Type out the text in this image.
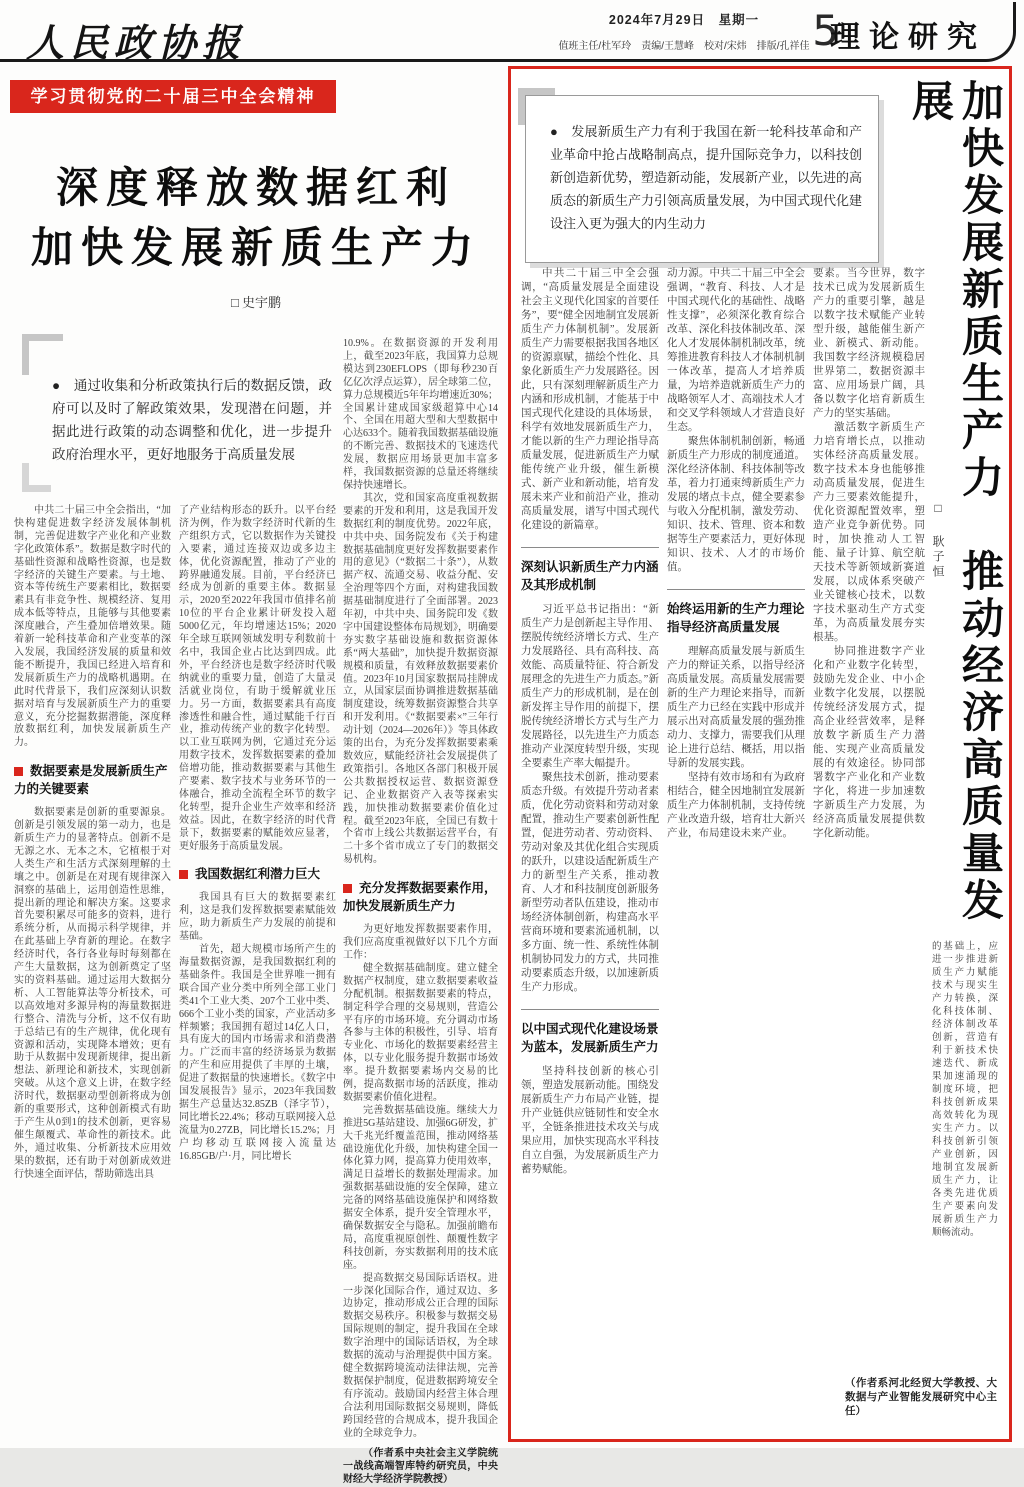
人民政协报	2024年7月29日　星期一
值班主任/杜军玲　责编/王慧峰　校对/宋炜　排版/孔祥佳 5
理论研究
学习贯彻党的二十届三中全会精神
深度释放数据红利
加快发展新质生产力
□ 史宇鹏

●　通过收集和分析政策执行后的数据反馈，政府可以及时了解政策效果，发现潜在问题，并据此进行政策的动态调整和优化，进一步提升政府治理水平，更好地服务于高质量发展

中共二十届三中全会指出，“加快构建促进数字经济发展体制机制，完善促进数字产业化和产业数字化政策体系”。数据是数字时代的基础性资源和战略性资源，也是数字经济的关键生产要素。与土地、资本等传统生产要素相比，数据要素具有非竞争性、规模经济、复用成本低等特点，且能够与其他要素深度融合，产生叠加倍增效果。随着新一轮科技革命和产业变革的深入发展，我国经济发展的质量和效能不断提升，我国已经进入培育和发展新质生产力的战略机遇期。在此时代背景下，我们应深刻认识数据对培育与发展新质生产力的重要意义，充分挖掘数据潜能，深度释放数据红利，加快发展新质生产力。
数据要素是发展新质生产力的关键要素
数据要素是创新的重要源泉。创新是引领发展的第一动力，也是新质生产力的显著特点。创新不是无源之水、无本之木，它植根于对人类生产和生活方式深刻理解的土壤之中。创新是在对现有规律深入洞察的基础上，运用创造性思维，提出新的理论和解决方案。这要求首先要积累尽可能多的资料，进行系统分析，从而揭示科学规律，并在此基础上孕育新的理论。在数字经济时代，各行各业每时每刻都在产生大量数据，这为创新奠定了坚实的资料基础。通过运用大数据分析、人工智能算法等分析技术，可以高效地对多源异构的海量数据进行整合、清洗与分析，这不仅有助于总结已有的生产规律，优化现有资源和活动，实现降本增效；更有助于从数据中发现新规律，提出新想法、新理论和新技术，实现创新突破。从这个意义上讲，在数字经济时代，数据驱动型创新将成为创新的重要形式，这种创新模式有助于产生从0到1的技术创新，更容易催生颠覆式、革命性的新技术。此外，通过收集、分析新技术应用效果的数据，还有助于对创新成效进行快速全面评估，帮助筛选出具
了产业结构形态的跃升。以平台经济为例，作为数字经济时代新的生产组织方式，它以数据作为关键投入要素，通过连接双边或多边主体，优化资源配置，推动了产业的跨界融通发展。目前，平台经济已经成为创新的重要主体。数据显示，2020至2022年我国市值排名前10位的平台企业累计研发投入超5000亿元，年均增速达15%；2020年全球互联网领域发明专利数前十名中，我国企业占比达到四成。此外，平台经济也是数字经济时代吸纳就业的重要力量，创造了大量灵活就业岗位，有助于缓解就业压力。另一方面，数据要素具有高度渗透性和融合性，通过赋能千行百业，推动传统产业的数字化转型。以工业互联网为例，它通过充分运用数字技术，发挥数据要素的叠加倍增功能，推动数据要素与其他生产要素、数字技术与业务环节的一体融合，推动全流程全环节的数字化转型，提升企业生产效率和经济效益。因此，在数字经济的时代背景下，数据要素的赋能效应显著，更好服务于高质量发展。
我国数据红利潜力巨大
我国具有巨大的数据要素红利，这是我们发挥数据要素赋能效应，助力新质生产力发展的前提和基础。
首先，超大规模市场所产生的海量数据资源，是我国数据红利的基础条件。我国是全世界唯一拥有联合国产业分类中所列全部工业门类41个工业大类、207个工业中类、666个工业小类的国家，产业活动多样频繁；我国拥有超过14亿人口，具有庞大的国内市场需求和消费潜力。广泛而丰富的经济场景为数据的产生和应用提供了丰厚的土壤，促进了数据量的快速增长。《数字中国发展报告》显示，2023年我国数据生产总量达32.85ZB（泽字节），同比增长22.4%；移动互联网接入总流量为0.27ZB，同比增长15.2%；月户均移动互联网接入流量达16.85GB/户·月，同比增长
10.9%。在数据资源的开发利用上，截至2023年底，我国算力总规模达到230EFLOPS（即每秒230百亿亿次浮点运算），居全球第二位，算力总规模近5年年均增速近30%；全国累计建成国家级超算中心14个、全国在用超大型和大型数据中心达633个。随着我国数据基础设施的不断完善、数据技术的飞速迭代发展，数据应用场景更加丰富多样，我国数据资源的总量还将继续保持快速增长。
其次，党和国家高度重视数据要素的开发和利用，这是我国开发数据红利的制度优势。2022年底，中共中央、国务院发布《关于构建数据基础制度更好发挥数据要素作用的意见》（“数据二十条”），从数据产权、流通交易、收益分配、安全治理等四个方面，对构建我国数据基础制度进行了全面部署。2023年初，中共中央、国务院印发《数字中国建设整体布局规划》，明确要夯实数字基础设施和数据资源体系“两大基础”，加快提升数据资源规模和质量，有效释放数据要素价值。2023年10月国家数据局挂牌成立，从国家层面协调推进数据基础制度建设，统筹数据资源整合共享和开发利用。《“数据要素×”三年行动计划（2024—2026年）》等具体政策的出台，为充分发挥数据要素乘数效应，赋能经济社会发展提供了政策指引。各地区各部门积极开展公共数据授权运营、数据资源登记、企业数据资产入表等探索实践，加快推动数据要素价值化过程。截至2023年底，全国已有数十个省市上线公共数据运营平台，有二十多个省市成立了专门的数据交易机构。
充分发挥数据要素作用，加快发展新质生产力
为更好地发挥数据要素作用，我们应高度重视做好以下几个方面工作：
健全数据基础制度。建立健全数据产权制度，建立数据要素收益分配机制。根据数据要素的特点，制定科学合理的交易规则，营造公平有序的市场环境。充分调动市场各参与主体的积极性，引导、培育专业化、市场化的数据要素经营主体，以专业化服务提升数据市场效率。提升数据要素场内交易的比例，提高数据市场的活跃度，推动数据要素价值化进程。
完善数据基础设施。继续大力推进5G基站建设、加强6G研发，扩大千兆光纤覆盖范围，推动网络基础设施优化升级，加快构建全国一体化算力网，提高算力使用效率，满足日益增长的数据处理需求。加强数据基础设施的安全保障，建立完备的网络基础设施保护和网络数据安全体系，提升安全管理水平，确保数据安全与隐私。加强前瞻布局，高度重视原创性、颠覆性数字科技创新，夯实数据利用的技术底座。
提高数据交易国际话语权。进一步深化国际合作，通过双边、多边协定，推动形成公正合理的国际数据交易秩序。积极参与数据交易国际规则的制定，提升我国在全球数字治理中的国际话语权，为全球数据的流动与治理提供中国方案。健全数据跨境流动法律法规，完善数据保护制度，促进数据跨境安全有序流动。鼓励国内经营主体合理合法利用国际数据交易规则，降低跨国经营的合规成本，提升我国企业的全球竞争力。
（作者系中央社会主义学院统一战线高端智库特约研究员，中央财经大学经济学院教授）

●　发展新质生产力有利于我国在新一轮科技革命和产业革命中抢占战略制高点，提升国际竞争力，以科技创新创造新优势，塑造新动能，发展新产业，以先进的高质态的新质生产力引领高质量发展，为中国式现代化建设注入更为强大的内生动力	加快发展新质生产力　推动经济高质量发展
□ 耿子恒
中共二十届三中全会强调，“高质量发展是全面建设社会主义现代化国家的首要任务”，要“健全因地制宜发展新质生产力体制机制”。发展新质生产力需要根据我国各地区的资源禀赋，描绘个性化、具象化新质生产力发展路径。因此，只有深刻理解新质生产力内涵和形成机制，才能基于中国式现代化建设的具体场景，科学有效地发展新质生产力，才能以新的生产力理论指导高质量发展，促进新质生产力赋能传统产业升级，催生新模式、新产业和新动能，培育发展未来产业和前沿产业，推动高质量发展，谱写中国式现代化建设的新篇章。
深刻认识新质生产力内涵及其形成机制
习近平总书记指出：“新质生产力是创新起主导作用、摆脱传统经济增长方式、生产力发展路径、具有高科技、高效能、高质量特征、符合新发展理念的先进生产力质态。”新质生产力的形成机制，是在创新发挥主导作用的前提下，摆脱传统经济增长方式与生产力发展路径，以先进生产力质态推动产业深度转型升级，实现全要素生产率大幅提升。
聚焦技术创新，推动要素质态升级。有效提升劳动者素质，优化劳动资料和劳动对象配置，推动生产要素创新性配置，促进劳动者、劳动资料、劳动对象及其优化组合实现质的跃升，以建设适配新质生产力的新型生产关系，推动教育、人才和科技制度创新服务新型劳动者队伍建设，推动市场经济体制创新，构建高水平营商环境和要素流通机制，以多方面、统一性、系统性体制机制协同发力的方式，共同推动要素质态升级，以加速新质生产力形成。
以中国式现代化建设场景为蓝本，发展新质生产力
坚持科技创新的核心引领，塑造发展新动能。围绕发展新质生产力布局产业链，提升产业链供应链韧性和安全水平，全链条推进技术攻关与成果应用，加快实现高水平科技自立自强，为发展新质生产力蓄势赋能。
动力源。中共二十届三中全会强调，“教育、科技、人才是中国式现代化的基础性、战略性支撑”，必须深化教育综合改革、深化科技体制改革、深化人才发展体制机制改革，统筹推进教育科技人才体制机制一体改革，提高人才培养质量，为培养造就新质生产力的战略领军人才、高端技术人才和交叉学科领域人才营造良好生态。
聚焦体制机制创新，畅通新质生产力形成的制度通道。深化经济体制、科技体制等改革，着力打通束缚新质生产力发展的堵点卡点，健全要素参与收入分配机制，激发劳动、知识、技术、管理、资本和数据等生产要素活力，更好体现知识、技术、人才的市场价值。
始终运用新的生产力理论指导经济高质量发展
理解高质量发展与新质生产力的辩证关系，以指导经济高质量发展。高质量发展需要新的生产力理论来指导，而新质生产力已经在实践中形成并展示出对高质量发展的强劲推动力、支撑力，需要我们从理论上进行总结、概括，用以指导新的发展实践。
坚持有效市场和有为政府相结合，健全因地制宜发展新质生产力体制机制，支持传统产业改造升级，培育壮大新兴产业，布局建设未来产业。
要素。当今世界，数字技术已成为发展新质生产力的重要引擎，越是以数字技术赋能产业转型升级，越能催生新产业、新模式、新动能。我国数字经济规模稳居世界第二，数据资源丰富、应用场景广阔，具备以数字化培育新质生产力的坚实基础。
激活数字新质生产力培育增长点，以推动实体经济高质量发展。数字技术本身也能够推动高质量发展，促进生产力三要素效能提升，优化资源配置效率，塑造产业竞争新优势。同时，加快推动人工智能、量子计算、航空航天技术等新领域新赛道发展，以成体系突破产业关键核心技术，以数字技术驱动生产方式变革，为高质量发展夯实根基。
协同推进数字产业化和产业数字化转型，鼓励先发企业、中小企业数字化发展，以摆脱传统经济发展方式，提高企业经营效率，是释放数字新质生产力潜能、实现产业高质量发展的有效途径。协同部署数字产业化和产业数字化，将进一步加速数字新质生产力发展，为经济高质量发展提供数字化新动能。
的基础上，应进一步推进新质生产力赋能技术与现实生产力转换，深化科技体制、经济体制改革创新，营造有利于新技术快速迭代、新成果加速涌现的制度环境，把科技创新成果高效转化为现实生产力。以科技创新引领产业创新，因地制宜发展新质生产力，让各类先进优质生产要素向发展新质生产力顺畅流动。
（作者系河北经贸大学教授、大数据与产业智能发展研究中心主任）
